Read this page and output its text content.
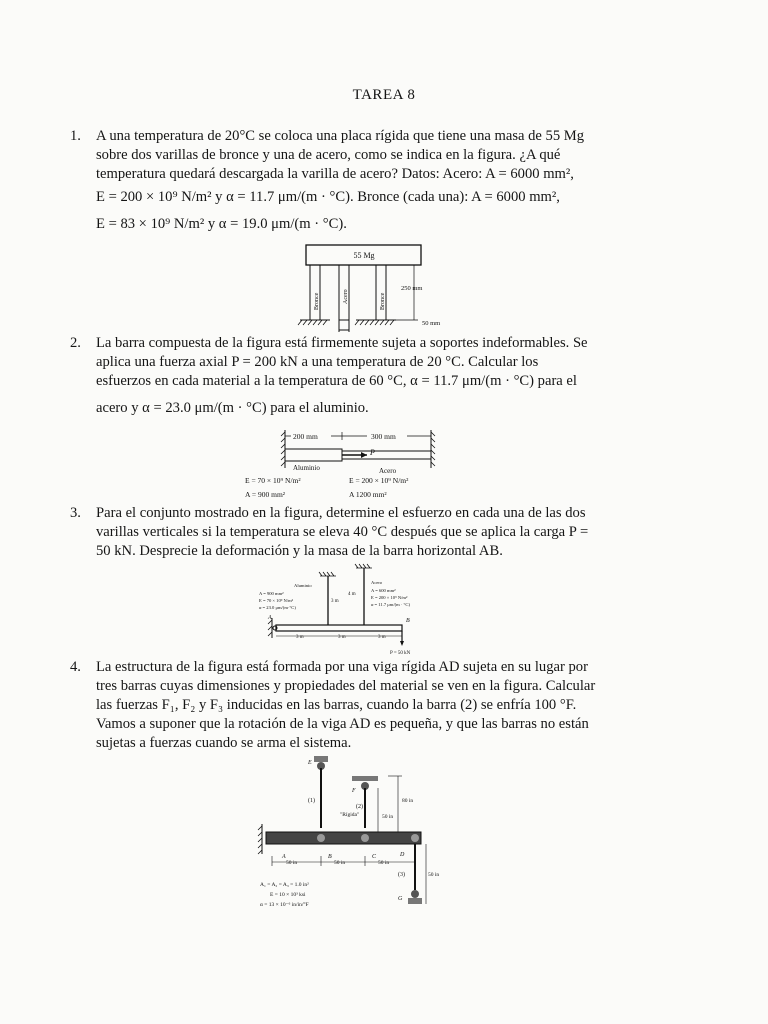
TAREA 8
1.	A una temperatura de 20°C se coloca una placa rígida que tiene una masa de 55 Mg
sobre dos varillas de bronce y una de acero, como se indica en la figura. ¿A qué
temperatura quedará descargada la varilla de acero? Datos: Acero: A = 6000 mm²,
E = 200 × 10⁹ N/m² y α = 11.7 μm/(m · °C). Bronce (cada una): A = 6000 mm²,
E = 83 × 10⁹ N/m² y α = 19.0 μm/(m · °C).
55 Mg
Bronce	Acero	Bronce
250 mm
50 mm
2.	La barra compuesta de la figura está firmemente sujeta a soportes indeformables. Se
aplica una fuerza axial P = 200 kN a una temperatura de 20 °C. Calcular los
esfuerzos en cada material a la temperatura de 60 °C, α = 11.7 μm/(m · °C) para el
acero y α = 23.0 μm/(m · °C) para el aluminio.
200 mm	300 mm
P
Aluminio	Acero
E = 70 × 10⁹ N/m²
A = 900 mm²
E = 200 × 10⁹ N/m²
A 1200 mm²
3.	Para el conjunto mostrado en la figura, determine el esfuerzo en cada una de las dos
varillas verticales si la temperatura se eleva 40 °C después que se aplica la carga P =
50 kN. Desprecie la deformación y la masa de la barra horizontal AB.
Aluminio
A = 900 mm²
E = 70 × 10⁹ N/m²
α = 23.0 μm/(m·°C)
3 m
Acero
4 m
A = 600 mm²
E = 200 × 10⁹ N/m²
α = 11.7 μm/(m · °C)
A	B
3 m	3 m	3 m
P = 50 kN
4.	La estructura de la figura está formada por una viga rígida AD sujeta en su lugar por
tres barras cuyas dimensiones y propiedades del material se ven en la figura. Calcular
las fuerzas F₁, F₂ y F₃ inducidas en las barras, cuando la barra (2) se enfría 100 °F.
Vamos a suponer que la rotación de la viga AD es pequeña, y que las barras no están
sujetas a fuerzas cuando se arma el sistema.
E
(1)
F
(2)
"Rígida"
80 in
50 in
A	B	C	D
50 in	50 in	50 in
(3)
G
50 in
A₁ = A₂ = A₃ = 1.0 in²
E = 10 × 10³ ksi
α = 13 × 10⁻⁶ in/in/°F
